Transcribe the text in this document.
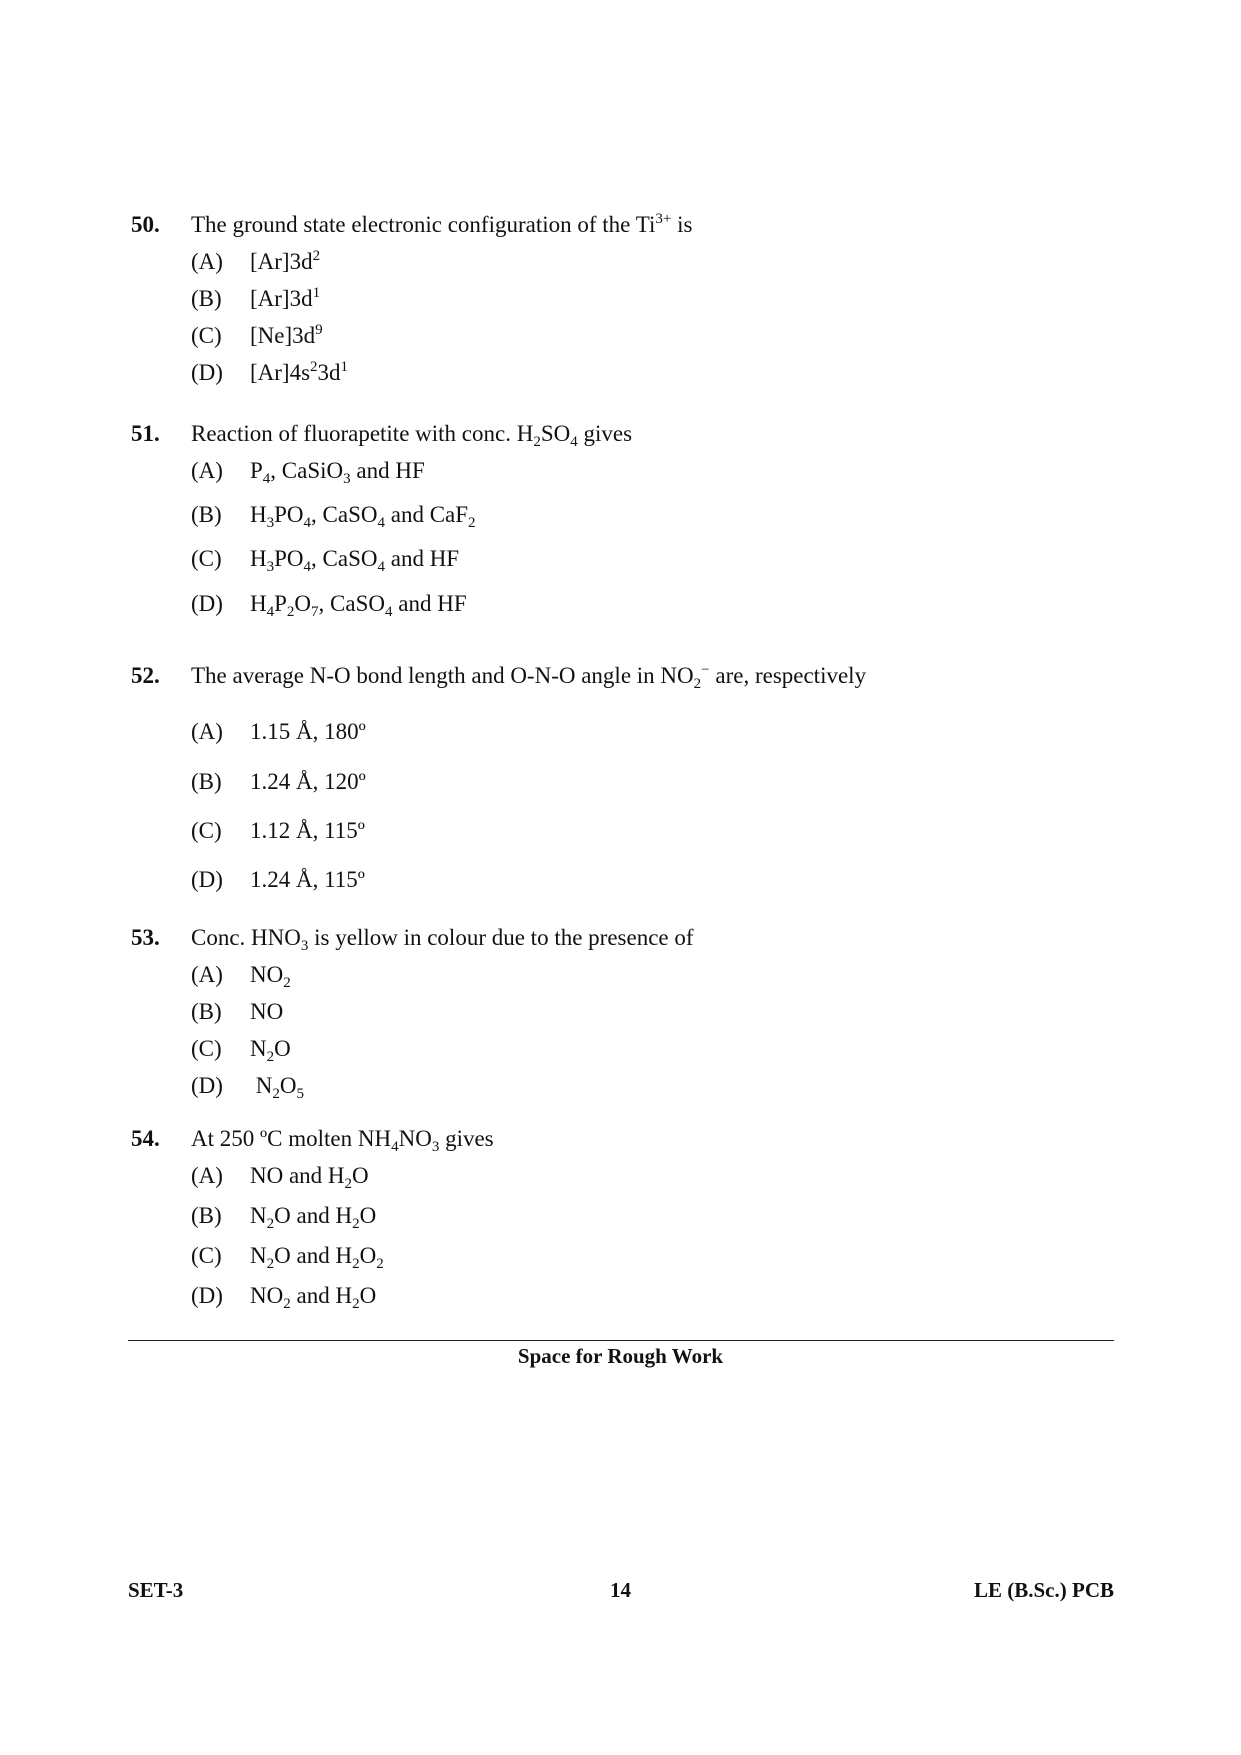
50. The ground state electronic configuration of the $Ti^{3+}$ is
(A) $[Ar]3d^2$
(B) $[Ar]3d^1$
(C) $[Ne]3d^9$
(D) $[Ar]4s^23d^1$
51. Reaction of fluorapetite with conc. $H_2SO_4$ gives
(A) $P_4$, CaSiO$_3$ and HF
(B) $H_3PO_4$, CaSO$_4$ and CaF$_2$
(C) $H_3PO_4$, CaSO$_4$ and HF
(D) $H_4P_2O_7$, CaSO$_4$ and HF
52. The average N-O bond length and O-N-O angle in $NO_2^-$ are, respectively
(A) 1.15 Å, 180º
(B) 1.24 Å, 120º
(C) 1.12 Å, 115º
(D) 1.24 Å, 115º
53. Conc. $HNO_3$ is yellow in colour due to the presence of
(A) $NO_2$
(B) NO
(C) $N_2O$
(D) $N_2O_5$
54. At 250 ºC molten $NH_4NO_3$ gives
(A) NO and $H_2O$
(B) $N_2O$ and $H_2O$
(C) $N_2O$ and $H_2O_2$
(D) $NO_2$ and $H_2O$
Space for Rough Work
SET-3	14	LE (B.Sc.) PCB
